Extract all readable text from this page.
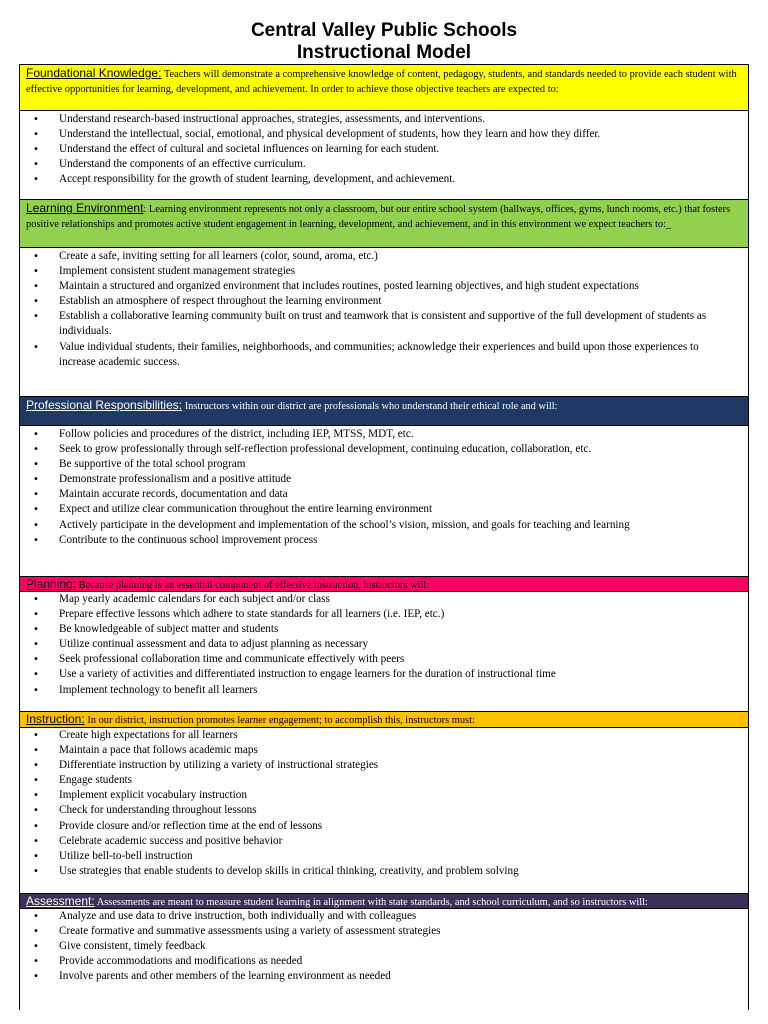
Central Valley Public Schools
Instructional Model
Foundational Knowledge: Teachers will demonstrate a comprehensive knowledge of content, pedagogy, students, and standards needed to provide each student with effective opportunities for learning, development, and achievement. In order to achieve those objective teachers are expected to:
• Understand research-based instructional approaches, strategies, assessments, and interventions.
• Understand the intellectual, social, emotional, and physical development of students, how they learn and how they differ.
• Understand the effect of cultural and societal influences on learning for each student.
• Understand the components of an effective curriculum.
• Accept responsibility for the growth of student learning, development, and achievement.
Learning Environment: Learning environment represents not only a classroom, but our entire school system (hallways, offices, gyms, lunch rooms, etc.) that fosters positive relationships and promotes active student engagement in learning, development, and achievement, and in this environment we expect teachers to:_
• Create a safe, inviting setting for all learners (color, sound, aroma, etc.)
• Implement consistent student management strategies
• Maintain a structured and organized environment that includes routines, posted learning objectives, and high student expectations
• Establish an atmosphere of respect throughout the learning environment
• Establish a collaborative learning community built on trust and teamwork that is consistent and supportive of the full development of students as individuals.
• Value individual students, their families, neighborhoods, and communities; acknowledge their experiences and build upon those experiences to increase academic success.
Professional Responsibilities: Instructors within our district are professionals who understand their ethical role and will:
• Follow policies and procedures of the district, including IEP, MTSS, MDT, etc.
• Seek to grow professionally through self-reflection professional development, continuing education, collaboration, etc.
• Be supportive of the total school program
• Demonstrate professionalism and a positive attitude
• Maintain accurate records, documentation and data
• Expect and utilize clear communication throughout the entire learning environment
• Actively participate in the development and implementation of the school’s vision, mission, and goals for teaching and learning
• Contribute to the continuous school improvement process
Planning: Because planning is an essential component of effective instruction, instructors will:
• Map yearly academic calendars for each subject and/or class
• Prepare effective lessons which adhere to state standards for all learners (i.e. IEP, etc.)
• Be knowledgeable of subject matter and students
• Utilize continual assessment and data to adjust planning as necessary
• Seek professional collaboration time and communicate effectively with peers
• Use a variety of activities and differentiated instruction to engage learners for the duration of instructional time
• Implement technology to benefit all learners
Instruction: In our district, instruction promotes learner engagement; to accomplish this, instructors must:
• Create high expectations for all learners
• Maintain a pace that follows academic maps
• Differentiate instruction by utilizing a variety of instructional strategies
• Engage students
• Implement explicit vocabulary instruction
• Check for understanding throughout lessons
• Provide closure and/or reflection time at the end of lessons
• Celebrate academic success and positive behavior
• Utilize bell-to-bell instruction
• Use strategies that enable students to develop skills in critical thinking, creativity, and problem solving
Assessment: Assessments are meant to measure student learning in alignment with state standards, and school curriculum, and so instructors will:
• Analyze and use data to drive instruction, both individually and with colleagues
• Create formative and summative assessments using a variety of assessment strategies
• Give consistent, timely feedback
• Provide accommodations and modifications as needed
• Involve parents and other members of the learning environment as needed
